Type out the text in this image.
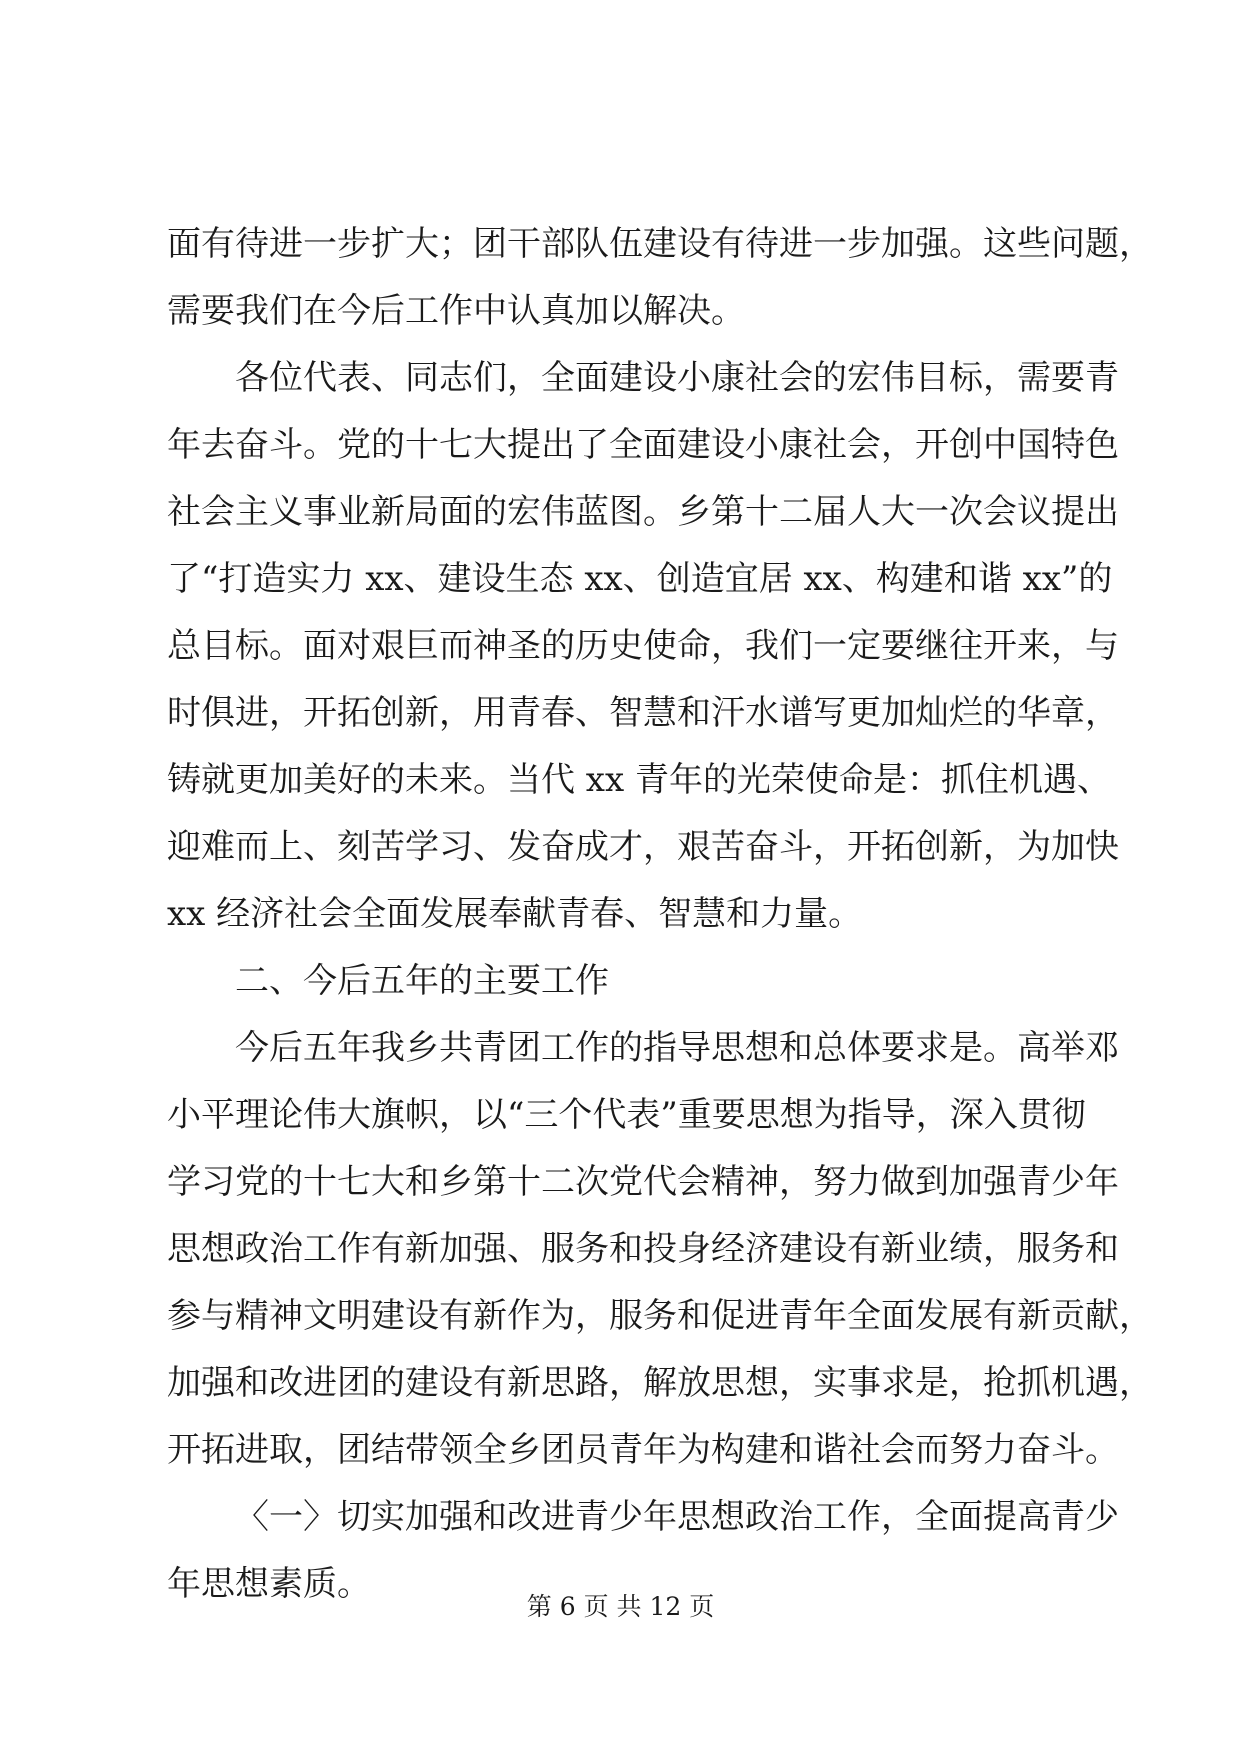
面有待进一步扩大；团干部队伍建设有待进一步加强。这些问题，
需要我们在今后工作中认真加以解决。
各位代表、同志们，全面建设小康社会的宏伟目标，需要青
年去奋斗。党的十七大提出了全面建设小康社会，开创中国特色
社会主义事业新局面的宏伟蓝图。乡第十二届人大一次会议提出
了“打造实力 xx、建设生态 xx、创造宜居 xx、构建和谐 xx”的
总目标。面对艰巨而神圣的历史使命，我们一定要继往开来，与
时俱进，开拓创新，用青春、智慧和汗水谱写更加灿烂的华章，
铸就更加美好的未来。当代 xx 青年的光荣使命是：抓住机遇、
迎难而上、刻苦学习、发奋成才，艰苦奋斗，开拓创新，为加快
xx 经济社会全面发展奉献青春、智慧和力量。
二、今后五年的主要工作
今后五年我乡共青团工作的指导思想和总体要求是。高举邓
小平理论伟大旗帜，以“三个代表”重要思想为指导，深入贯彻
学习党的十七大和乡第十二次党代会精神，努力做到加强青少年
思想政治工作有新加强、服务和投身经济建设有新业绩，服务和
参与精神文明建设有新作为，服务和促进青年全面发展有新贡献，
加强和改进团的建设有新思路，解放思想，实事求是，抢抓机遇，
开拓进取，团结带领全乡团员青年为构建和谐社会而努力奋斗。
〈一〉切实加强和改进青少年思想政治工作，全面提高青少
年思想素质。
第 6 页 共 12 页
